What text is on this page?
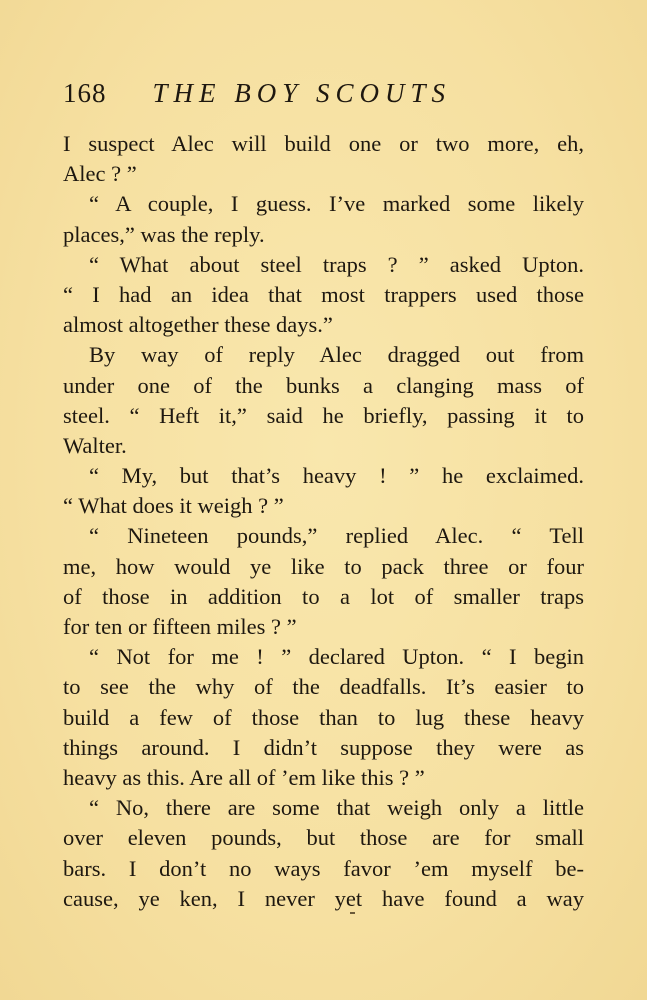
168 THE BOY SCOUTS
I suspect Alec will build one or two more, eh,
Alec ? ”
“ A couple, I guess. I’ve marked some likely
places,” was the reply.
“ What about steel traps ? ” asked Upton.
“ I had an idea that most trappers used those
almost altogether these days.”
By way of reply Alec dragged out from
under one of the bunks a clanging mass of
steel. “ Heft it,” said he briefly, passing it to
Walter.
“ My, but that’s heavy ! ” he exclaimed.
“ What does it weigh ? ”
“ Nineteen pounds,” replied Alec. “ Tell
me, how would ye like to pack three or four
of those in addition to a lot of smaller traps
for ten or fifteen miles ? ”
“ Not for me ! ” declared Upton. “ I begin
to see the why of the deadfalls. It’s easier to
build a few of those than to lug these heavy
things around. I didn’t suppose they were as
heavy as this. Are all of ’em like this ? ”
“ No, there are some that weigh only a little
over eleven pounds, but those are for small
bars. I don’t no ways favor ’em myself be-
cause, ye ken, I never yet have found a way
